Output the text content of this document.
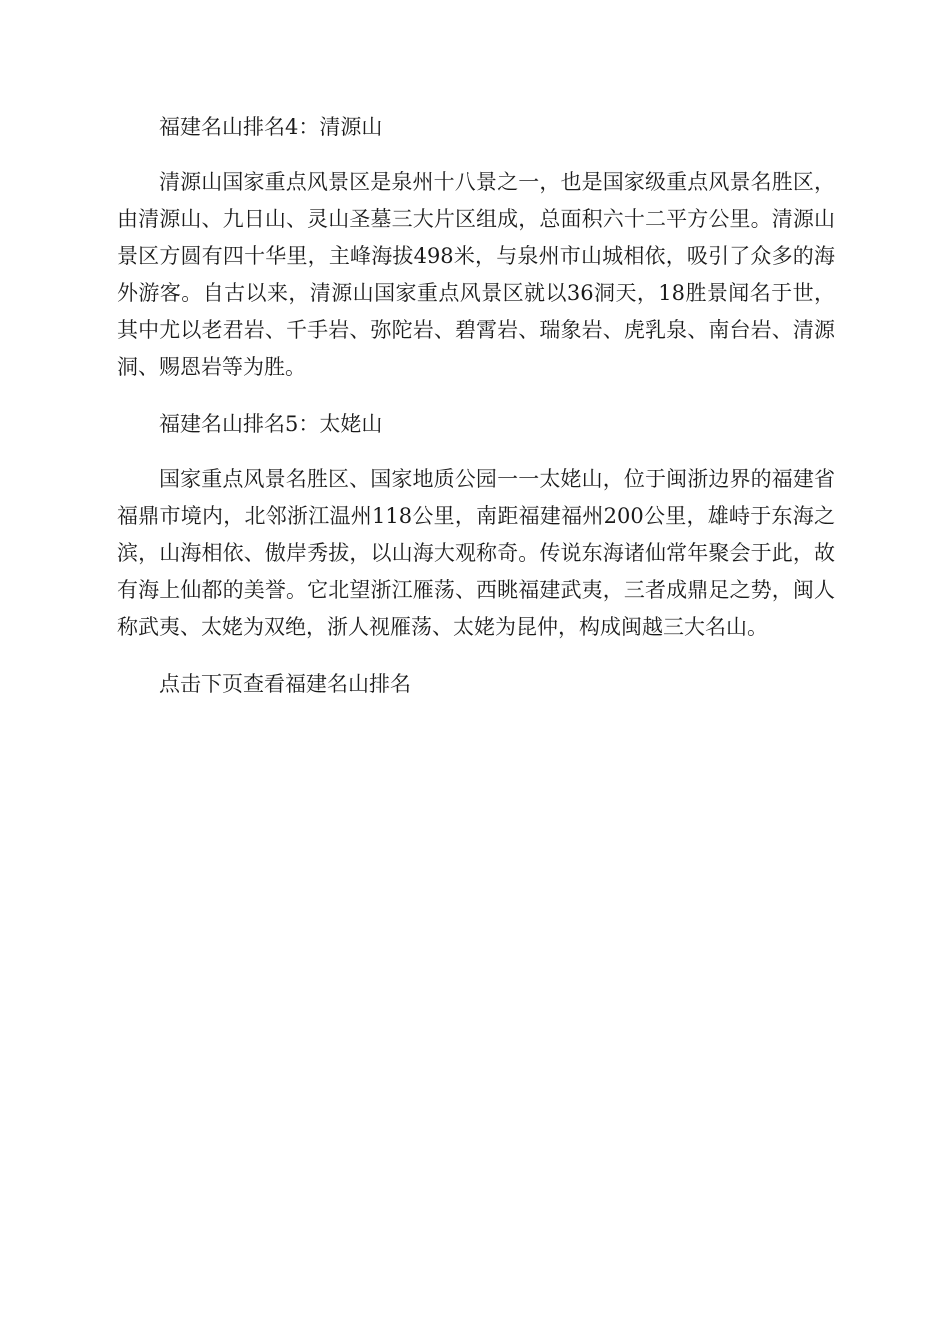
福建名山排名4：清源山

清源山国家重点风景区是泉州十八景之一，也是国家级重点风景名胜区，由清源山、九日山、灵山圣墓三大片区组成，总面积六十二平方公里。清源山景区方圆有四十华里，主峰海拔498米，与泉州市山城相依，吸引了众多的海外游客。自古以来，清源山国家重点风景区就以36洞天，18胜景闻名于世，其中尤以老君岩、千手岩、弥陀岩、碧霄岩、瑞象岩、虎乳泉、南台岩、清源洞、赐恩岩等为胜。

福建名山排名5：太姥山

国家重点风景名胜区、国家地质公园一一太姥山，位于闽浙边界的福建省福鼎市境内，北邻浙江温州118公里，南距福建福州200公里，雄峙于东海之滨，山海相依、傲岸秀拔，以山海大观称奇。传说东海诸仙常年聚会于此，故有海上仙都的美誉。它北望浙江雁荡、西眺福建武夷，三者成鼎足之势，闽人称武夷、太姥为双绝，浙人视雁荡、太姥为昆仲，构成闽越三大名山。

点击下页查看福建名山排名
